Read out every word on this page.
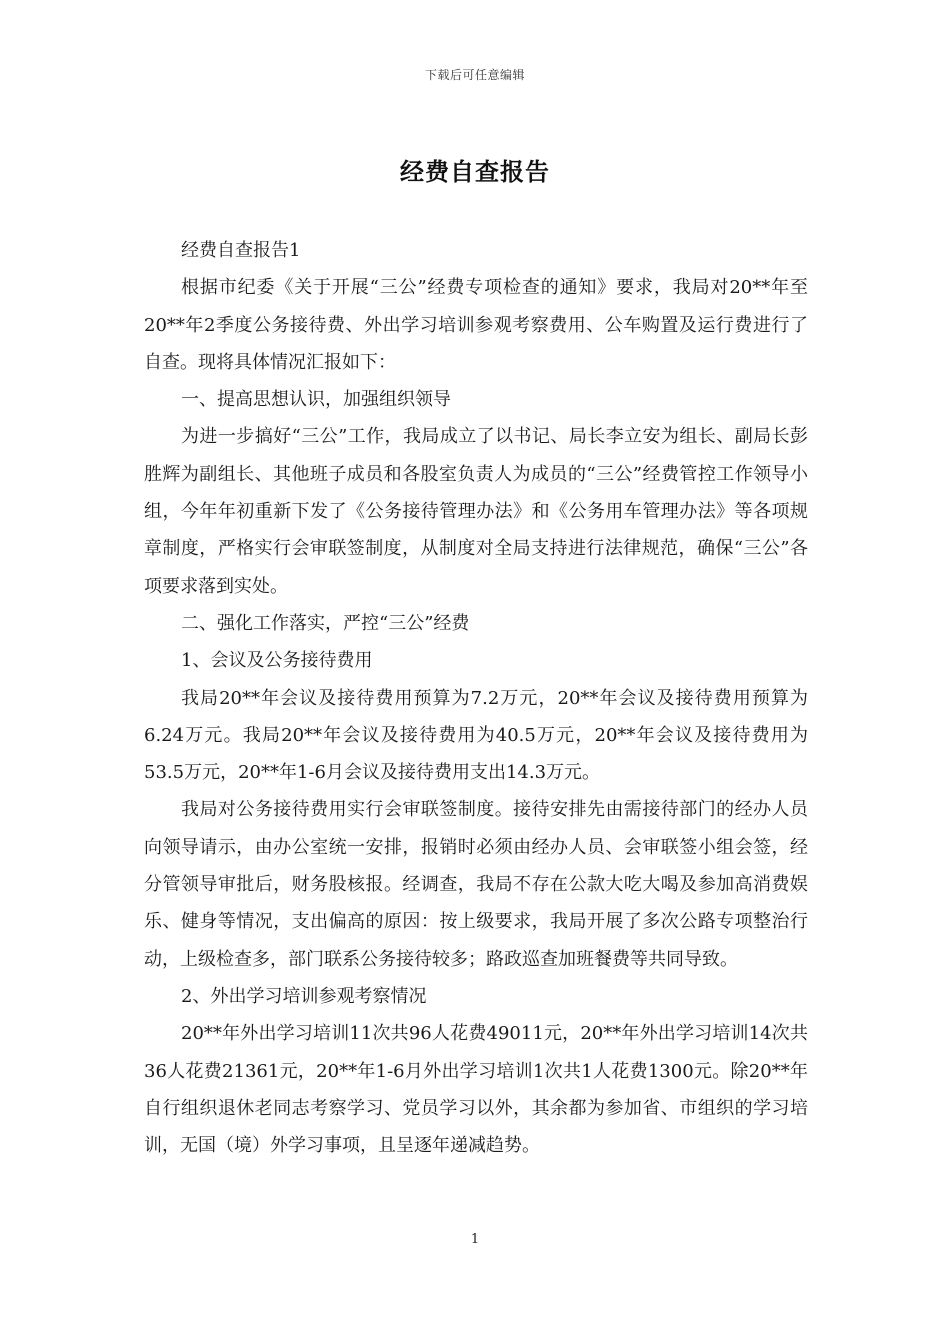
下载后可任意编辑
经费自查报告

经费自查报告1

根据市纪委《关于开展“三公”经费专项检查的通知》要求，我局对20**年至20**年2季度公务接待费、外出学习培训参观考察费用、公车购置及运行费进行了自查。现将具体情况汇报如下：

一、提高思想认识，加强组织领导

为进一步搞好“三公”工作，我局成立了以书记、局长李立安为组长、副局长彭胜辉为副组长、其他班子成员和各股室负责人为成员的“三公”经费管控工作领导小组，今年年初重新下发了《公务接待管理办法》和《公务用车管理办法》等各项规章制度，严格实行会审联签制度，从制度对全局支持进行法律规范，确保“三公”各项要求落到实处。

二、强化工作落实，严控“三公”经费

1、会议及公务接待费用

我局20**年会议及接待费用预算为7.2万元，20**年会议及接待费用预算为6.24万元。我局20**年会议及接待费用为40.5万元，20**年会议及接待费用为53.5万元，20**年1-6月会议及接待费用支出14.3万元。

我局对公务接待费用实行会审联签制度。接待安排先由需接待部门的经办人员向领导请示，由办公室统一安排，报销时必须由经办人员、会审联签小组会签，经分管领导审批后，财务股核报。经调查，我局不存在公款大吃大喝及参加高消费娱乐、健身等情况，支出偏高的原因：按上级要求，我局开展了多次公路专项整治行动，上级检查多，部门联系公务接待较多；路政巡查加班餐费等共同导致。

2、外出学习培训参观考察情况

20**年外出学习培训11次共96人花费49011元，20**年外出学习培训14次共36人花费21361元，20**年1-6月外出学习培训1次共1人花费1300元。除20**年自行组织退休老同志考察学习、党员学习以外，其余都为参加省、市组织的学习培训，无国（境）外学习事项，且呈逐年递减趋势。

1
